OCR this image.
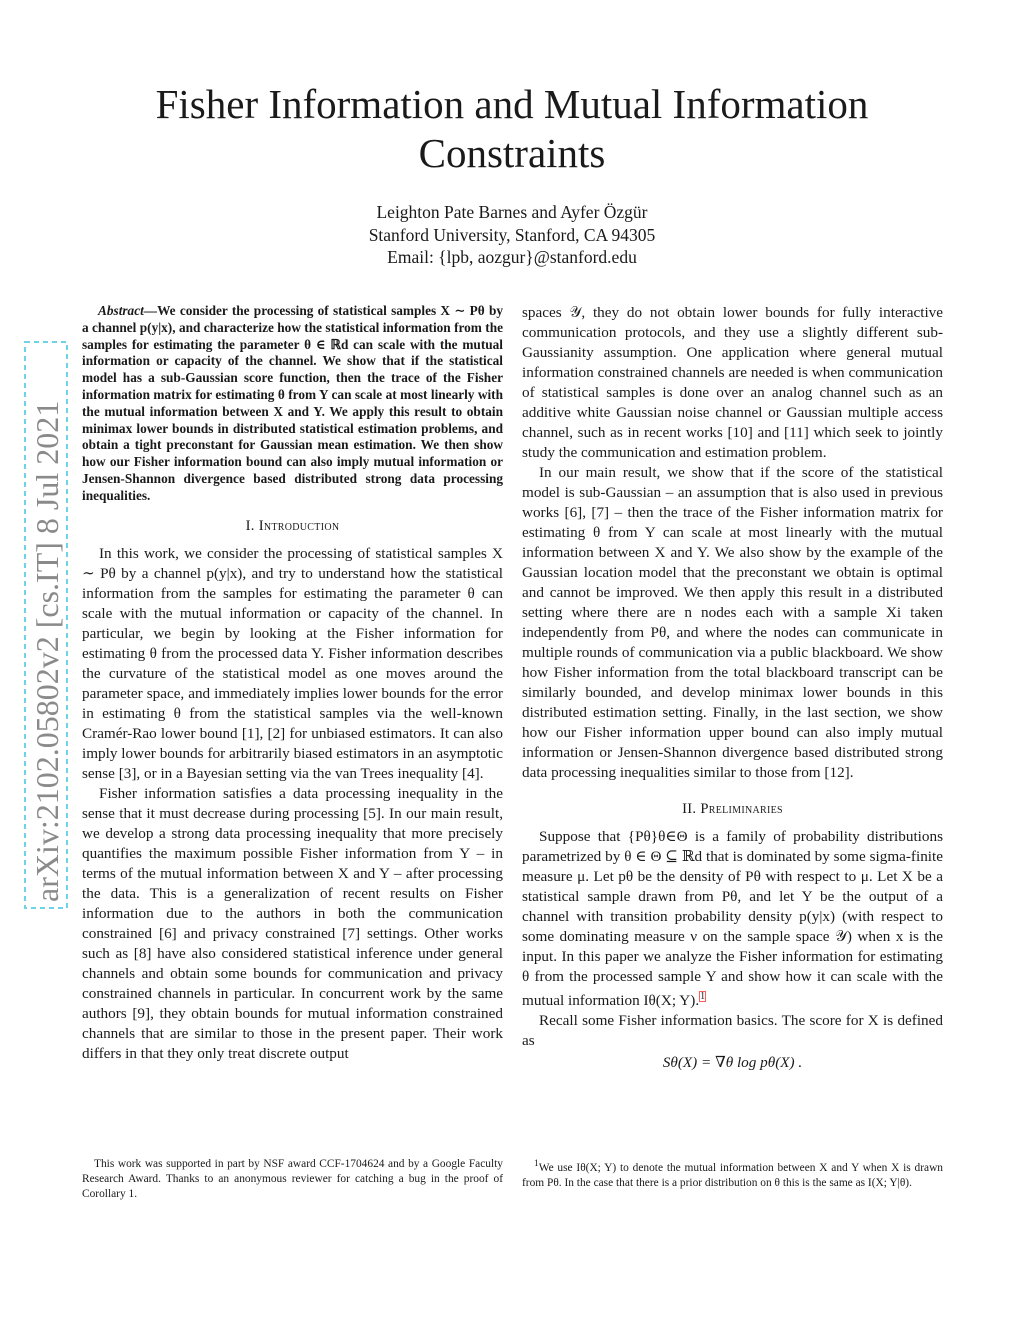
arXiv:2102.05802v2 [cs.IT] 8 Jul 2021
Fisher Information and Mutual Information Constraints
Leighton Pate Barnes and Ayfer Özgür
Stanford University, Stanford, CA 94305
Email: {lpb, aozgur}@stanford.edu
Abstract—We consider the processing of statistical samples X ∼ Pθ by a channel p(y|x), and characterize how the statistical information from the samples for estimating the parameter θ ∈ ℝd can scale with the mutual information or capacity of the channel. We show that if the statistical model has a sub-Gaussian score function, then the trace of the Fisher information matrix for estimating θ from Y can scale at most linearly with the mutual information between X and Y. We apply this result to obtain minimax lower bounds in distributed statistical estimation problems, and obtain a tight preconstant for Gaussian mean estimation. We then show how our Fisher information bound can also imply mutual information or Jensen-Shannon divergence based distributed strong data processing inequalities.
I. Introduction

In this work, we consider the processing of statistical samples X ∼ Pθ by a channel p(y|x), and try to understand how the statistical information from the samples for estimating the parameter θ can scale with the mutual information or capacity of the channel. In particular, we begin by looking at the Fisher information for estimating θ from the processed data Y. Fisher information describes the curvature of the statistical model as one moves around the parameter space, and immediately implies lower bounds for the error in estimating θ from the statistical samples via the well-known Cramér-Rao lower bound [1], [2] for unbiased estimators. It can also imply lower bounds for arbitrarily biased estimators in an asymptotic sense [3], or in a Bayesian setting via the van Trees inequality [4].

Fisher information satisfies a data processing inequality in the sense that it must decrease during processing [5]. In our main result, we develop a strong data processing inequality that more precisely quantifies the maximum possible Fisher information from Y – in terms of the mutual information between X and Y – after processing the data. This is a generalization of recent results on Fisher information due to the authors in both the communication constrained [6] and privacy constrained [7] settings. Other works such as [8] have also considered statistical inference under general channels and obtain some bounds for communication and privacy constrained channels in particular. In concurrent work by the same authors [9], they obtain bounds for mutual information constrained channels that are similar to those in the present paper. Their work differs in that they only treat discrete output

spaces 𝒴, they do not obtain lower bounds for fully interactive communication protocols, and they use a slightly different sub-Gaussianity assumption. One application where general mutual information constrained channels are needed is when communication of statistical samples is done over an analog channel such as an additive white Gaussian noise channel or Gaussian multiple access channel, such as in recent works [10] and [11] which seek to jointly study the communication and estimation problem.

In our main result, we show that if the score of the statistical model is sub-Gaussian – an assumption that is also used in previous works [6], [7] – then the trace of the Fisher information matrix for estimating θ from Y can scale at most linearly with the mutual information between X and Y. We also show by the example of the Gaussian location model that the preconstant we obtain is optimal and cannot be improved. We then apply this result in a distributed setting where there are n nodes each with a sample Xi taken independently from Pθ, and where the nodes can communicate in multiple rounds of communication via a public blackboard. We show how Fisher information from the total blackboard transcript can be similarly bounded, and develop minimax lower bounds in this distributed estimation setting. Finally, in the last section, we show how our Fisher information upper bound can also imply mutual information or Jensen-Shannon divergence based distributed strong data processing inequalities similar to those from [12].

II. Preliminaries

Suppose that {Pθ}θ∈Θ is a family of probability distributions parametrized by θ ∈ Θ ⊆ ℝd that is dominated by some sigma-finite measure μ. Let pθ be the density of Pθ with respect to μ. Let X be a statistical sample drawn from Pθ, and let Y be the output of a channel with transition probability density p(y|x) (with respect to some dominating measure ν on the sample space 𝒴) when x is the input. In this paper we analyze the Fisher information for estimating θ from the processed sample Y and show how it can scale with the mutual information Iθ(X; Y).$^1$

Recall some Fisher information basics. The score for X is defined as

Sθ(X) = ∇θ log pθ(X) .

This work was supported in part by NSF award CCF-1704624 and by a Google Faculty Research Award. Thanks to an anonymous reviewer for catching a bug in the proof of Corollary 1.

$^1$We use Iθ(X; Y) to denote the mutual information between X and Y when X is drawn from Pθ. In the case that there is a prior distribution on θ this is the same as I(X; Y|θ).
